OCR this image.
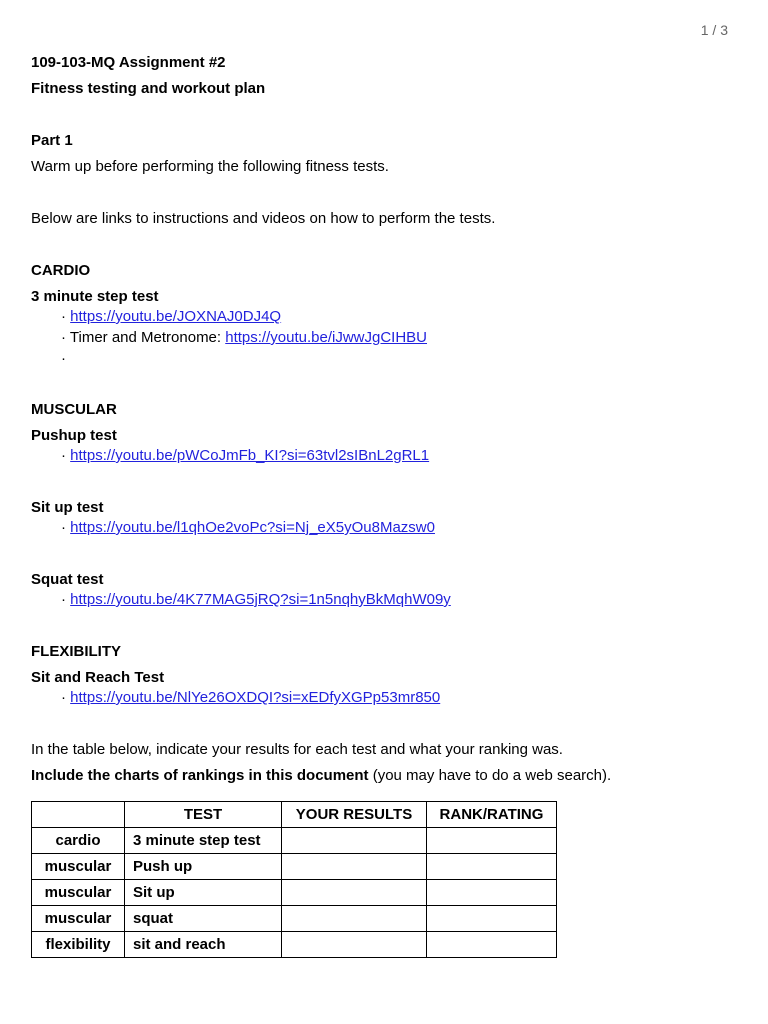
1 / 3
109-103-MQ Assignment #2
Fitness testing and workout plan
Part 1
Warm up before performing the following fitness tests.
Below are links to instructions and videos on how to perform the tests.
CARDIO
3 minute step test
· https://youtu.be/JOXNAJ0DJ4Q
· Timer and Metronome: https://youtu.be/iJwwJgCIHBU
·
MUSCULAR
Pushup test
· https://youtu.be/pWCoJmFb_KI?si=63tvl2sIBnL2gRL1
Sit up test
· https://youtu.be/l1qhOe2voPc?si=Nj_eX5yOu8Mazsw0
Squat test
· https://youtu.be/4K77MAG5jRQ?si=1n5nqhyBkMqhW09y
FLEXIBILITY
Sit and Reach Test
· https://youtu.be/NlYe26OXDQI?si=xEDfyXGPp53mr850
In the table below, indicate your results for each test and what your ranking was.
Include the charts of rankings in this document (you may have to do a web search).
	TEST	YOUR RESULTS	RANK/RATING
cardio	3 minute step test		
muscular	Push up		
muscular	Sit up		
muscular	squat		
flexibility	sit and reach		
